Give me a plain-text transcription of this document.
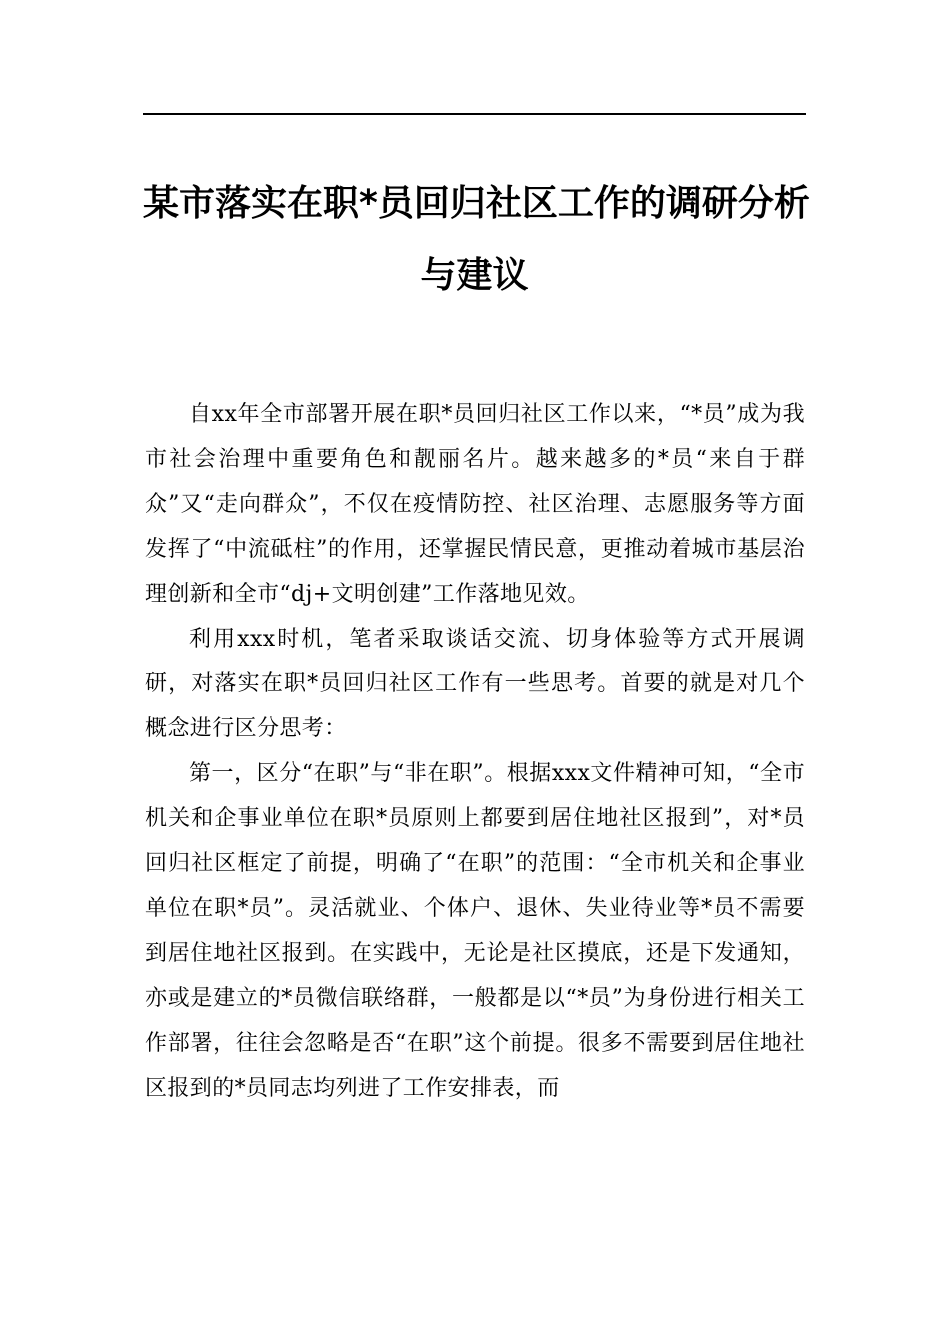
某市落实在职*员回归社区工作的调研分析
与建议

自xx年全市部署开展在职*员回归社区工作以来，“*员”成为我市社会治理中重要角色和靓丽名片。越来越多的*员“来自于群众”又“走向群众”，不仅在疫情防控、社区治理、志愿服务等方面发挥了“中流砥柱”的作用，还掌握民情民意，更推动着城市基层治理创新和全市“dj+文明创建”工作落地见效。

利用xxx时机，笔者采取谈话交流、切身体验等方式开展调研，对落实在职*员回归社区工作有一些思考。首要的就是对几个概念进行区分思考：

第一，区分“在职”与“非在职”。根据xxx文件精神可知，“全市机关和企事业单位在职*员原则上都要到居住地社区报到”，对*员回归社区框定了前提，明确了“在职”的范围：“全市机关和企事业单位在职*员”。灵活就业、个体户、退休、失业待业等*员不需要到居住地社区报到。在实践中，无论是社区摸底，还是下发通知，亦或是建立的*员微信联络群，一般都是以“*员”为身份进行相关工作部署，往往会忽略是否“在职”这个前提。很多不需要到居住地社区报到的*员同志均列进了工作安排表，而
